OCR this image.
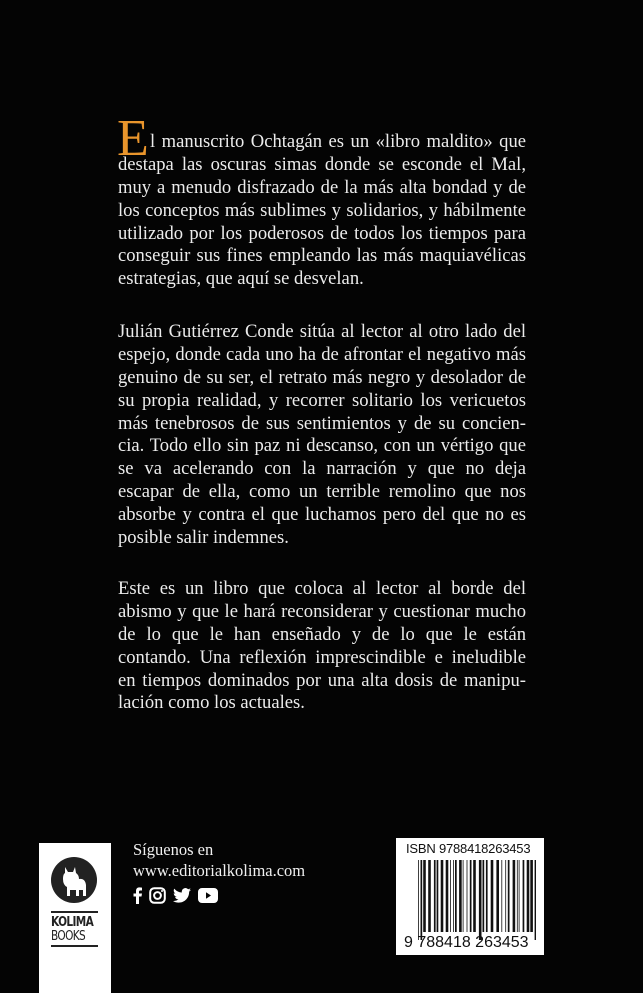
E l manuscrito Ochtagán es un «libro maldito» que
destapa las oscuras simas donde se esconde el Mal,
muy a menudo disfrazado de la más alta bondad y de
los conceptos más sublimes y solidarios, y hábilmente
utilizado por los poderosos de todos los tiempos para
conseguir sus fines empleando las más maquiavélicas
estrategias, que aquí se desvelan.
Julián Gutiérrez Conde sitúa al lector al otro lado del
espejo, donde cada uno ha de afrontar el negativo más
genuino de su ser, el retrato más negro y desolador de
su propia realidad, y recorrer solitario los vericuetos
más tenebrosos de sus sentimientos y de su concien-
cia. Todo ello sin paz ni descanso, con un vértigo que
se va acelerando con la narración y que no deja
escapar de ella, como un terrible remolino que nos
absorbe y contra el que luchamos pero del que no es
posible salir indemnes.
Este es un libro que coloca al lector al borde del
abismo y que le hará reconsiderar y cuestionar mucho
de lo que le han enseñado y de lo que le están
contando. Una reflexión imprescindible e ineludible
en tiempos dominados por una alta dosis de manipu-
lación como los actuales.
KOLIMA
BOOKS
Síguenos en
www.editorialkolima.com
ISBN 9788418263453
9 788418 263453
